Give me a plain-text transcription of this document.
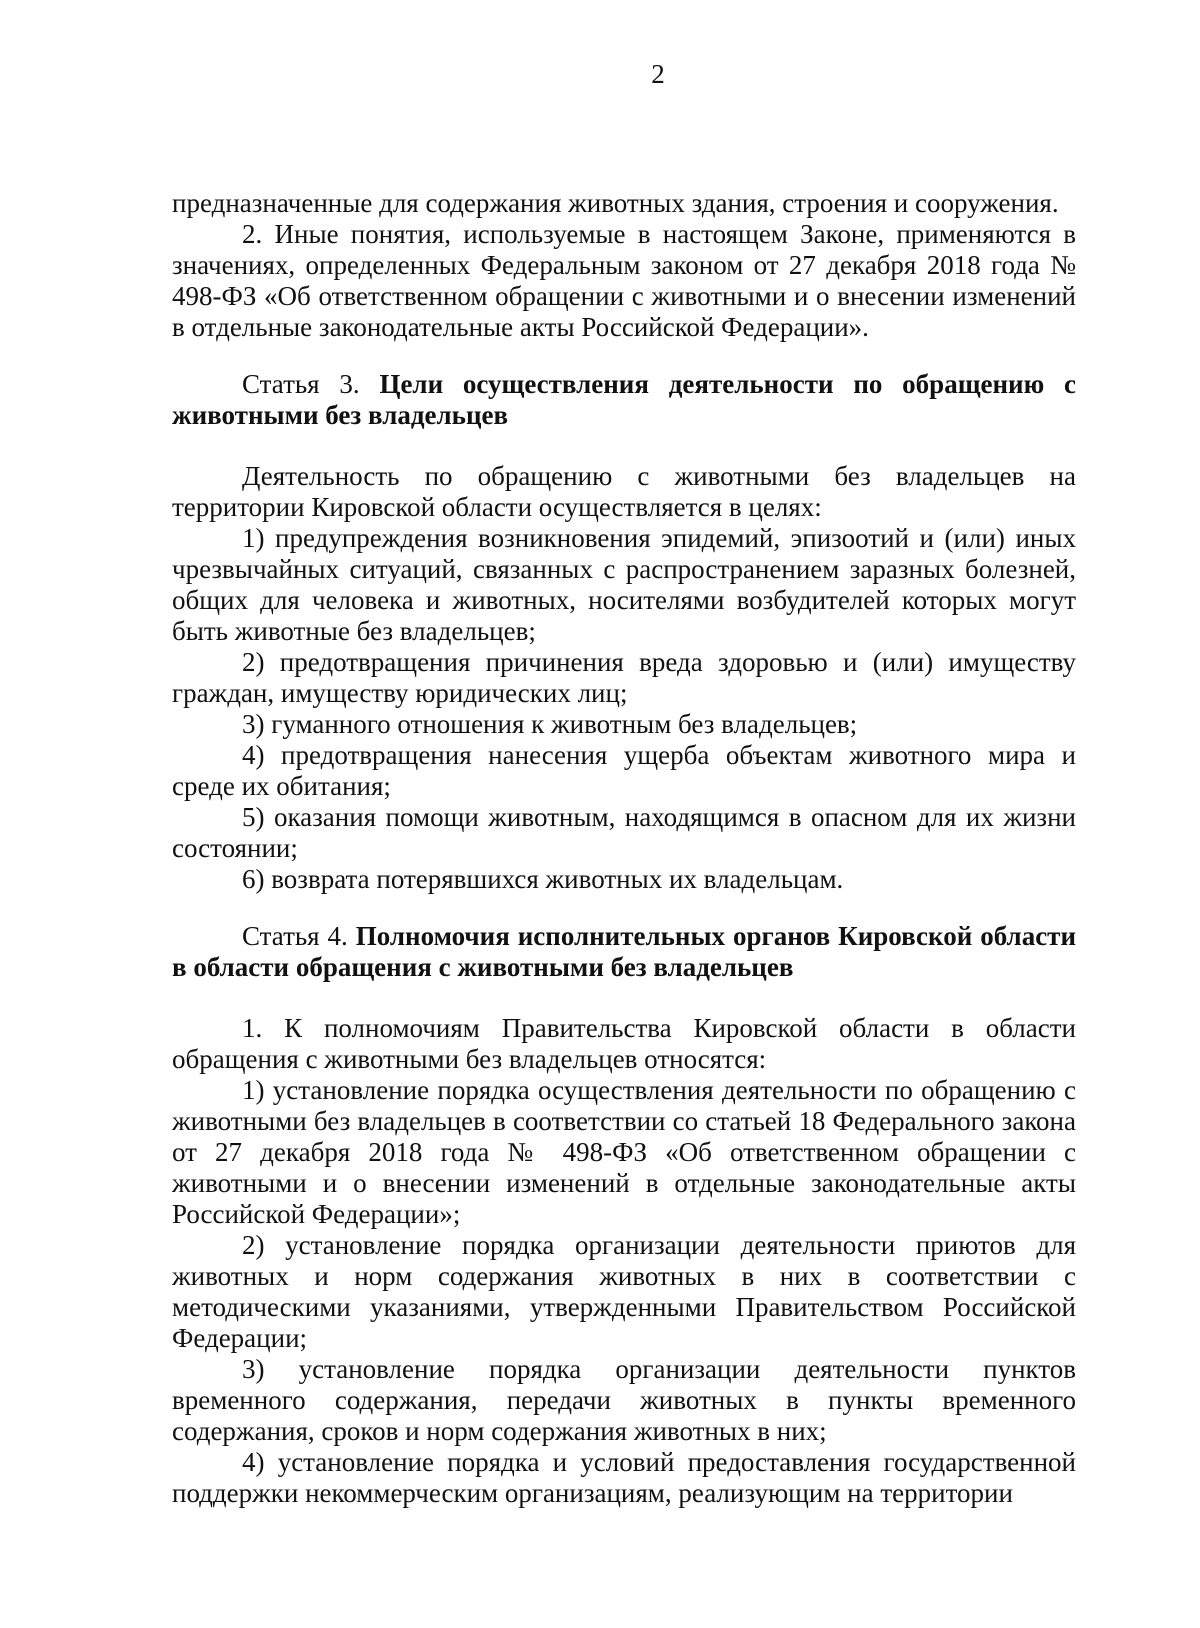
2

предназначенные для содержания животных здания, строения и сооружения.

2. Иные понятия, используемые в настоящем Законе, применяются в значениях, определенных Федеральным законом от 27 декабря 2018 года № 498-ФЗ «Об ответственном обращении с животными и о внесении изменений в отдельные законодательные акты Российской Федерации».

Статья 3. Цели осуществления деятельности по обращению с животными без владельцев

Деятельность по обращению с животными без владельцев на территории Кировской области осуществляется в целях:

1) предупреждения возникновения эпидемий, эпизоотий и (или) иных чрезвычайных ситуаций, связанных с распространением заразных болезней, общих для человека и животных, носителями возбудителей которых могут быть животные без владельцев;

2) предотвращения причинения вреда здоровью и (или) имуществу граждан, имуществу юридических лиц;

3) гуманного отношения к животным без владельцев;

4) предотвращения нанесения ущерба объектам животного мира и среде их обитания;

5) оказания помощи животным, находящимся в опасном для их жизни состоянии;

6) возврата потерявшихся животных их владельцам.

Статья 4. Полномочия исполнительных органов Кировской области в области обращения с животными без владельцев

1. К полномочиям Правительства Кировской области в области обращения с животными без владельцев относятся:

1) установление порядка осуществления деятельности по обращению с животными без владельцев в соответствии со статьей 18 Федерального закона от 27 декабря 2018 года № 498-ФЗ «Об ответственном обращении с животными и о внесении изменений в отдельные законодательные акты Российской Федерации»;

2) установление порядка организации деятельности приютов для животных и норм содержания животных в них в соответствии с методическими указаниями, утвержденными Правительством Российской Федерации;

3) установление порядка организации деятельности пунктов временного содержания, передачи животных в пункты временного содержания, сроков и норм содержания животных в них;

4) установление порядка и условий предоставления государственной поддержки некоммерческим организациям, реализующим на территории
